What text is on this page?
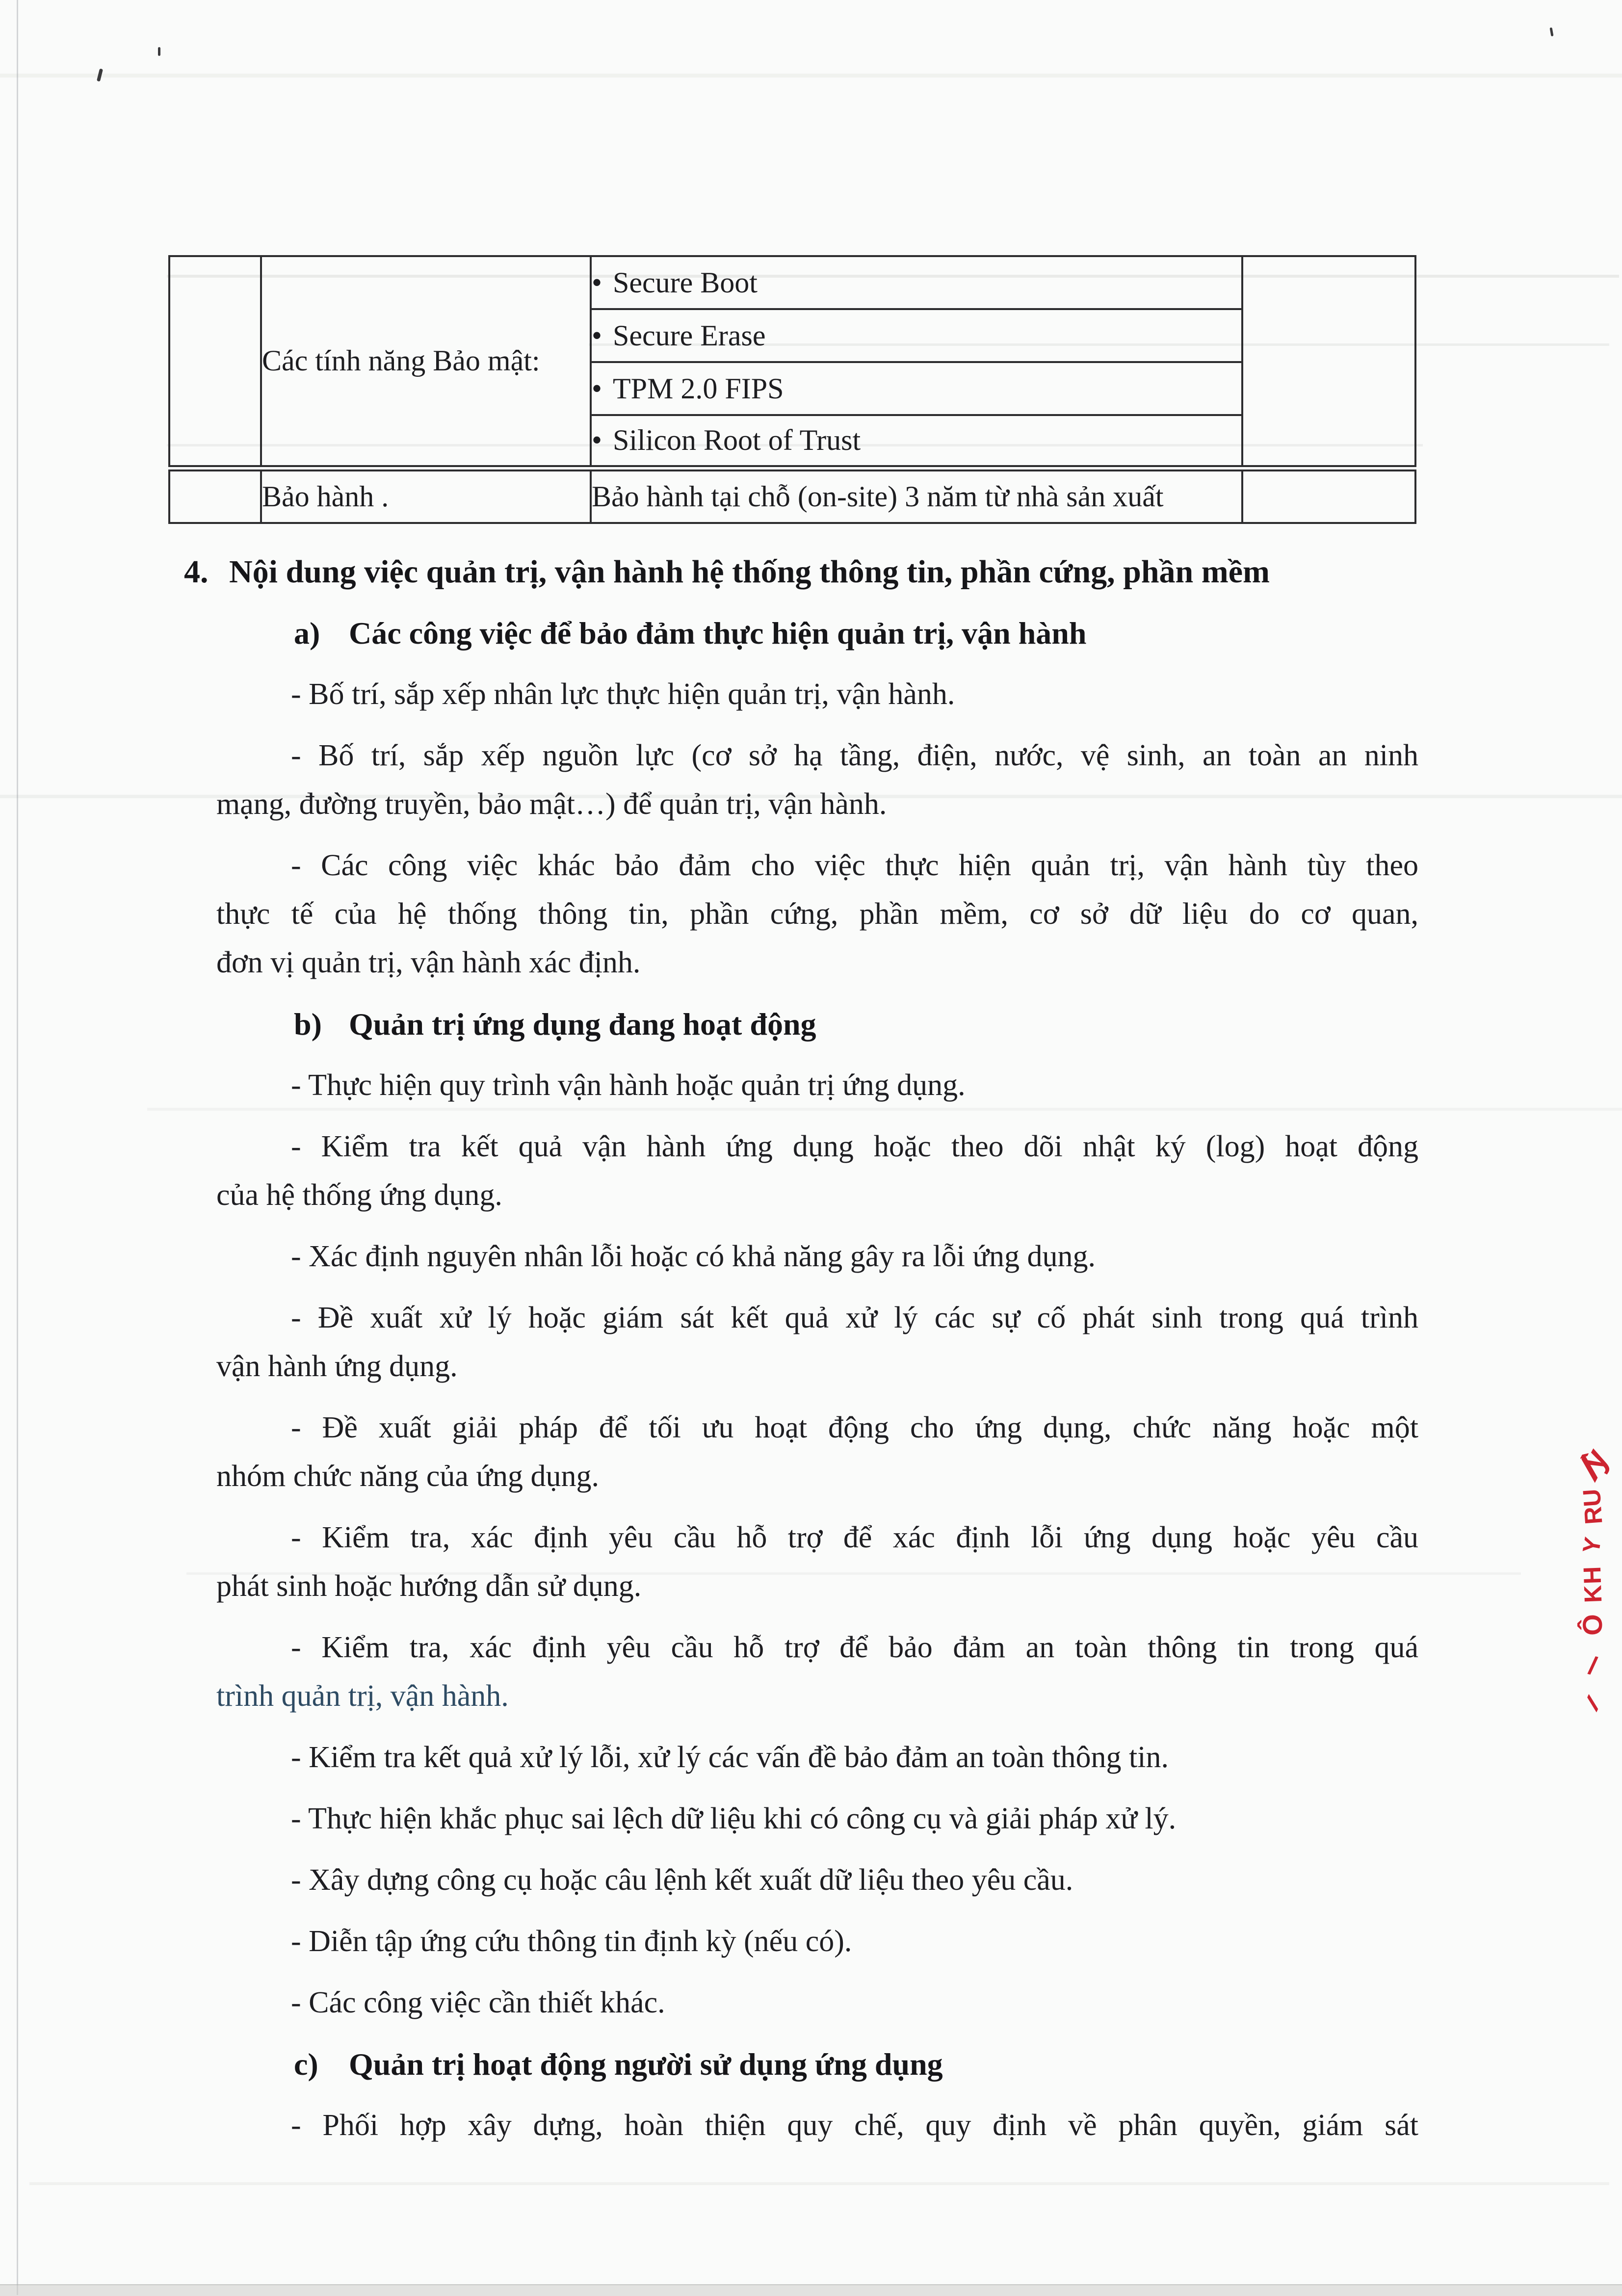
	Các tính năng Bảo mật:	• Secure Boot	
		• Secure Erase	
		• TPM 2.0 FIPS	
		• Silicon Root of Trust	
	Bảo hành .	Bảo hành tại chỗ (on-site) 3 năm từ nhà sản xuất	
4. Nội dung việc quản trị, vận hành hệ thống thông tin, phần cứng, phần mềm
a) Các công việc để bảo đảm thực hiện quản trị, vận hành
- Bố trí, sắp xếp nhân lực thực hiện quản trị, vận hành.
- Bố trí, sắp xếp nguồn lực (cơ sở hạ tầng, điện, nước, vệ sinh, an toàn an ninh
mạng, đường truyền, bảo mật…) để quản trị, vận hành.
- Các công việc khác bảo đảm cho việc thực hiện quản trị, vận hành tùy theo
thực tế của hệ thống thông tin, phần cứng, phần mềm, cơ sở dữ liệu do cơ quan,
đơn vị quản trị, vận hành xác định.
b) Quản trị ứng dụng đang hoạt động
- Thực hiện quy trình vận hành hoặc quản trị ứng dụng.
- Kiểm tra kết quả vận hành ứng dụng hoặc theo dõi nhật ký (log) hoạt động
của hệ thống ứng dụng.
- Xác định nguyên nhân lỗi hoặc có khả năng gây ra lỗi ứng dụng.
- Đề xuất xử lý hoặc giám sát kết quả xử lý các sự cố phát sinh trong quá trình
vận hành ứng dụng.
- Đề xuất giải pháp để tối ưu hoạt động cho ứng dụng, chức năng hoặc một
nhóm chức năng của ứng dụng.
- Kiểm tra, xác định yêu cầu hỗ trợ để xác định lỗi ứng dụng hoặc yêu cầu
phát sinh hoặc hướng dẫn sử dụng.
- Kiểm tra, xác định yêu cầu hỗ trợ để bảo đảm an toàn thông tin trong quá
trình quản trị, vận hành.
- Kiểm tra kết quả xử lý lỗi, xử lý các vấn đề bảo đảm an toàn thông tin.
- Thực hiện khắc phục sai lệch dữ liệu khi có công cụ và giải pháp xử lý.
- Xây dựng công cụ hoặc câu lệnh kết xuất dữ liệu theo yêu cầu.
- Diễn tập ứng cứu thông tin định kỳ (nếu có).
- Các công việc cần thiết khác.
c) Quản trị hoạt động người sử dụng ứng dụng
- Phối hợp xây dựng, hoàn thiện quy chế, quy định về phân quyền, giám sát
∕∕ỳ
RU
Y
KH
Ô
/
∕∕
